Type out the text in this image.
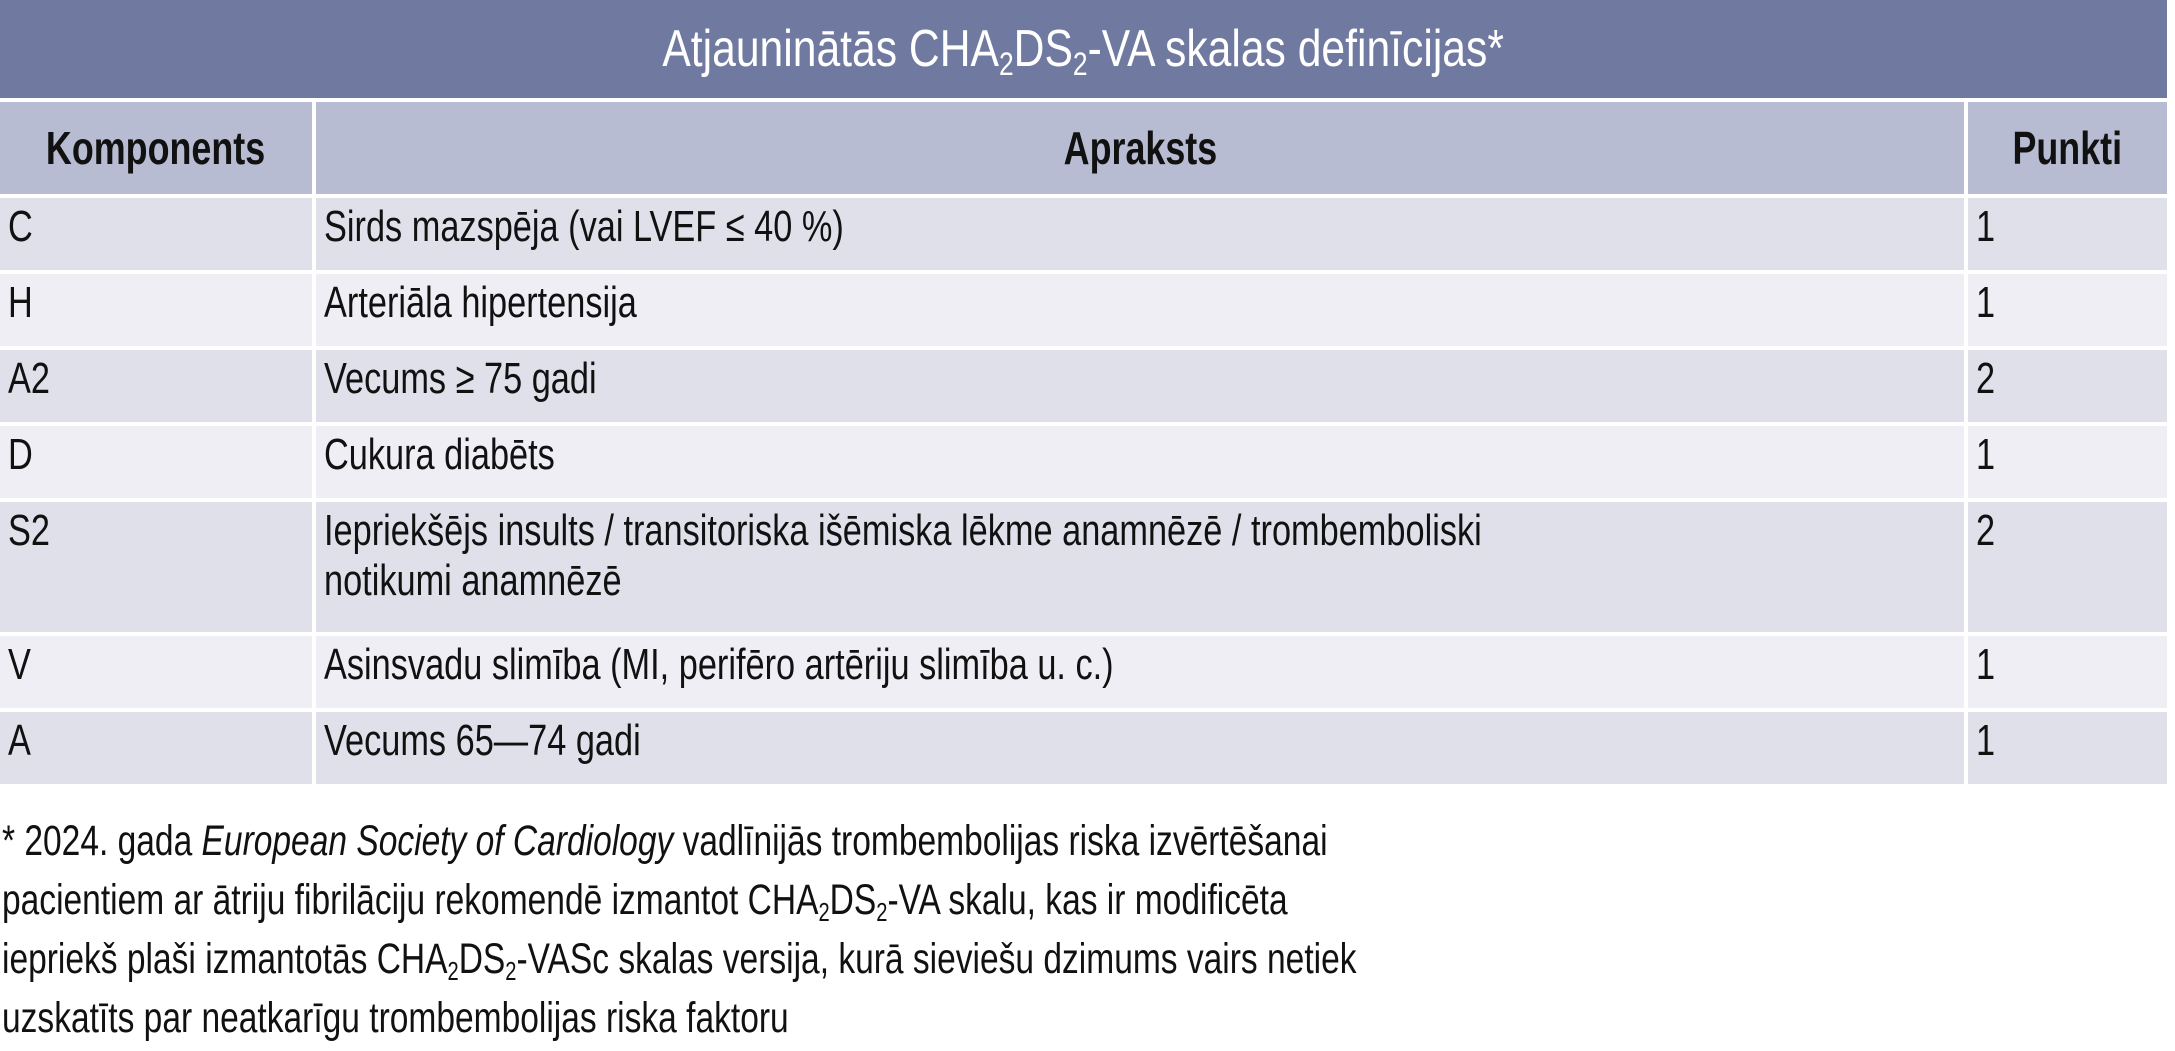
Atjauninātās $CHA_2DS_2-VA$ skalas definīcijas*		
Komponents	Apraksts	Punkti
C	Sirds mazspēja (vai LVEF ≤ 40 %)	1
H	Arteriāla hipertensija	1
A2	Vecums ≥ 75 gadi	2
D	Cukura diabēts	1
S2	Iepriekšējs insults / transitoriska išēmiska lēkme anamnēzē / trombemboliski notikumi anamnēzē	2
V	Asinsvadu slimība (MI, perifēro artēriju slimība u. c.)	1
A	Vecums 65—74 gadi	1
* 2024. gada European Society of Cardiology vadlīnijās trombembolijas riska izvērtēšanai
pacientiem ar ātriju fibrilāciju rekomendē izmantot $CHA_2DS_2-VA$ skalu, kas ir modificēta
iepriekš plaši izmantotās $CHA_2DS_2$-VASc skalas versija, kurā sieviešu dzimums vairs netiek
uzskatīts par neatkarīgu trombembolijas riska faktoru
